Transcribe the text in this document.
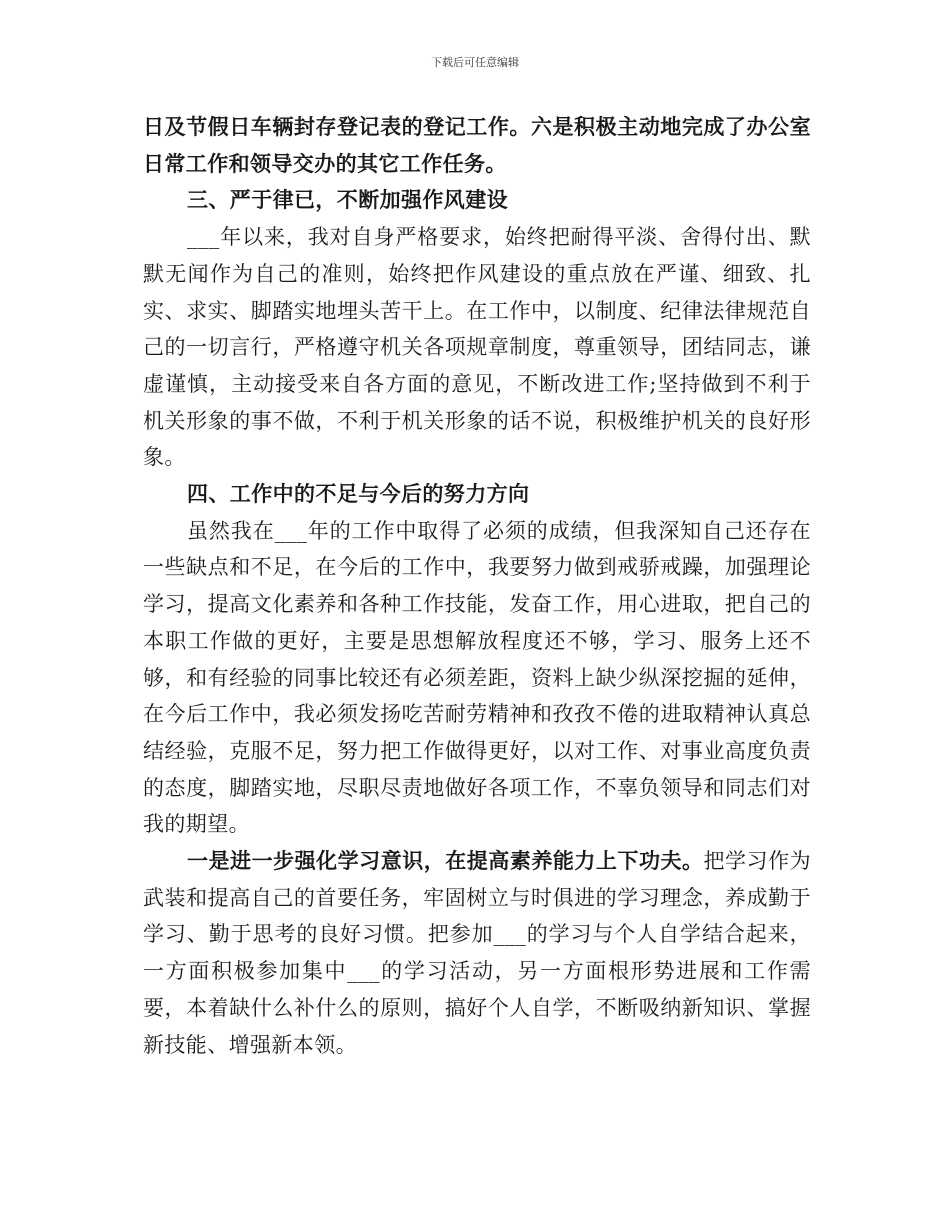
下载后可任意编辑

日及节假日车辆封存登记表的登记工作。六是积极主动地完成了办公室日常工作和领导交办的其它工作任务。

三、严于律已，不断加强作风建设

___年以来，我对自身严格要求，始终把耐得平淡、舍得付出、默默无闻作为自己的准则，始终把作风建设的重点放在严谨、细致、扎实、求实、脚踏实地埋头苦干上。在工作中，以制度、纪律法律规范自己的一切言行，严格遵守机关各项规章制度，尊重领导，团结同志，谦虚谨慎，主动接受来自各方面的意见，不断改进工作;坚持做到不利于机关形象的事不做，不利于机关形象的话不说，积极维护机关的良好形象。

四、工作中的不足与今后的努力方向

虽然我在___年的工作中取得了必须的成绩，但我深知自己还存在一些缺点和不足，在今后的工作中，我要努力做到戒骄戒躁，加强理论学习，提高文化素养和各种工作技能，发奋工作，用心进取，把自己的本职工作做的更好，主要是思想解放程度还不够，学习、服务上还不够，和有经验的同事比较还有必须差距，资料上缺少纵深挖掘的延伸，在今后工作中，我必须发扬吃苦耐劳精神和孜孜不倦的进取精神认真总结经验，克服不足，努力把工作做得更好，以对工作、对事业高度负责的态度，脚踏实地，尽职尽责地做好各项工作，不辜负领导和同志们对我的期望。

一是进一步强化学习意识，在提高素养能力上下功夫。把学习作为武装和提高自己的首要任务，牢固树立与时俱进的学习理念，养成勤于学习、勤于思考的良好习惯。把参加___的学习与个人自学结合起来，一方面积极参加集中___的学习活动，另一方面根形势进展和工作需要，本着缺什么补什么的原则，搞好个人自学，不断吸纳新知识、掌握新技能、增强新本领。
